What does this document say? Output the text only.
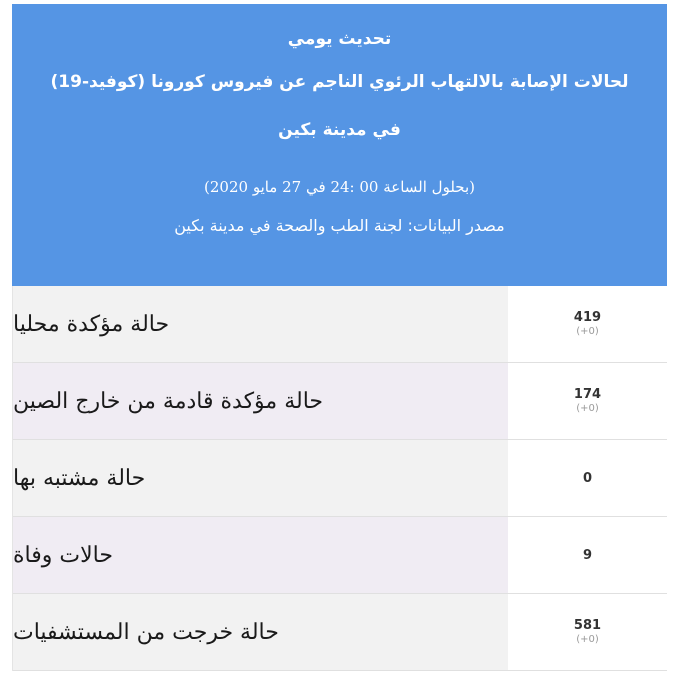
تحديث يومي

لحالات الإصابة بالالتهاب الرئوي الناجم عن فيروس كورونا (كوفيد-19)

في مدينة بكين

(بحلول الساعة 00 :24 في 27 مايو 2020)
مصدر البيانات: لجنة الطب والصحة في مدينة بكين
حالة مؤكدة محليا	419
(+0)
حالة مؤكدة قادمة من خارج الصين	174
(+0)
حالة مشتبه بها	0
حالات وفاة	9
حالة خرجت من المستشفيات	581
(+0)
